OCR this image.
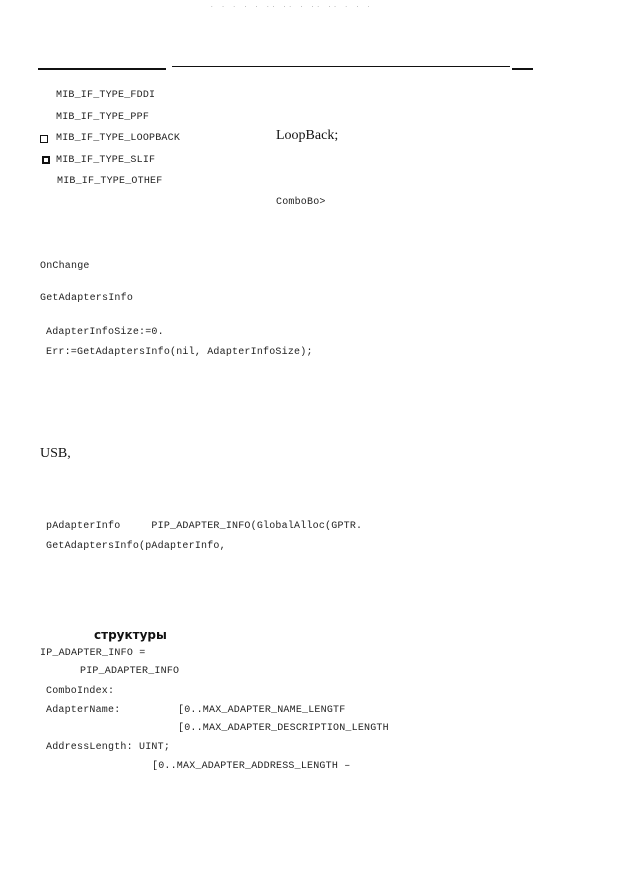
. . . . . .. .. . .. .. . . .
MIB_IF_TYPE_FDDI
MIB_IF_TYPE_PPF
MIB_IF_TYPE_LOOPBACK
MIB_IF_TYPE_SLIF
MIB_IF_TYPE_OTHEF
LoopBack;
ComboBo>
OnChange
GetAdaptersInfo
AdapterInfoSize:=0.
Err:=GetAdaptersInfo(nil, AdapterInfoSize);
USB,
pAdapterInfo     PIP_ADAPTER_INFO(GlobalAlloc(GPTR.
GetAdaptersInfo(pAdapterInfo,
структуры
IP_ADAPTER_INFO =
PIP_ADAPTER_INFO
ComboIndex:
AdapterName:	[0..MAX_ADAPTER_NAME_LENGTF
[0..MAX_ADAPTER_DESCRIPTION_LENGTH
AddressLength: UINT;
[0..MAX_ADAPTER_ADDRESS_LENGTH –
